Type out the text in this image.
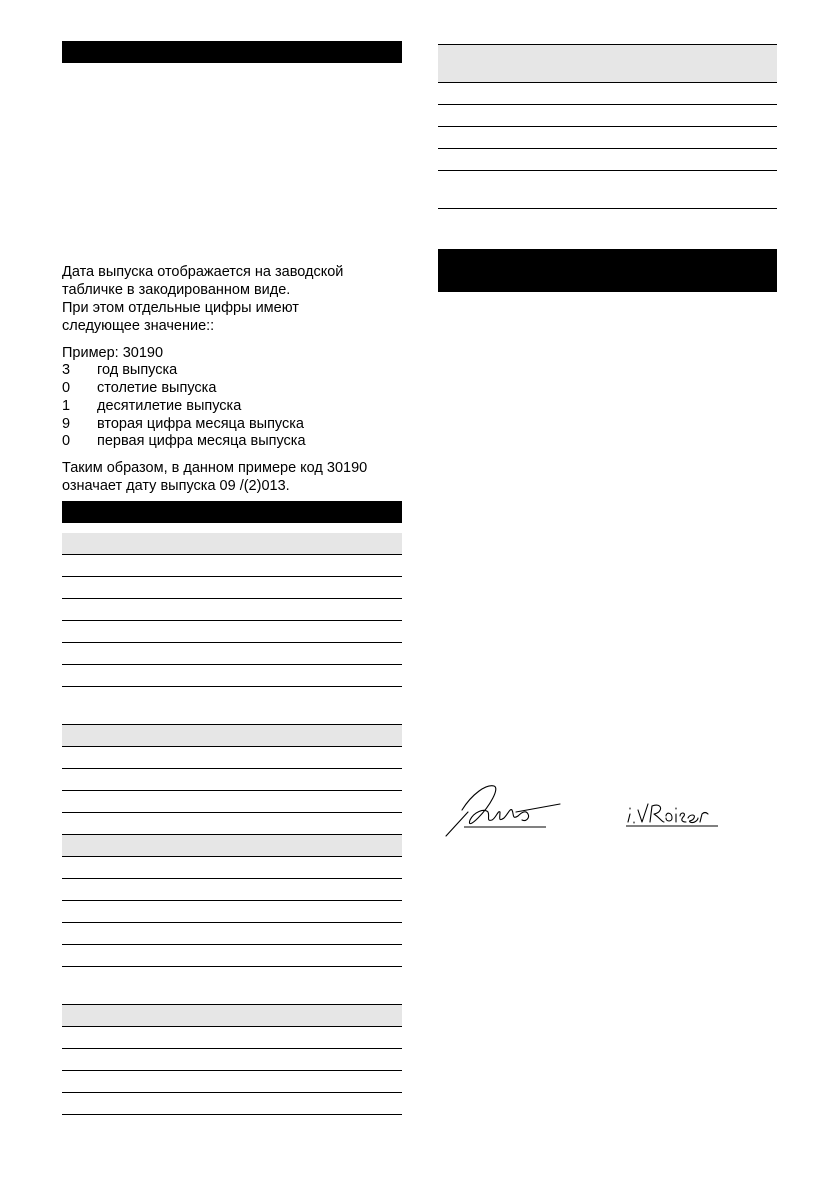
Дата выпуска отображается на заводской
табличке в закодированном виде.
При этом отдельные цифры имеют
следующее значение::
Пример: 30190
3	год выпуска
0	столетие выпуска
1	десятилетие выпуска
9	вторая цифра месяца выпуска
0	первая цифра месяца выпуска
Таким образом, в данном примере код 30190
означает дату выпуска 09 /(2)013.
